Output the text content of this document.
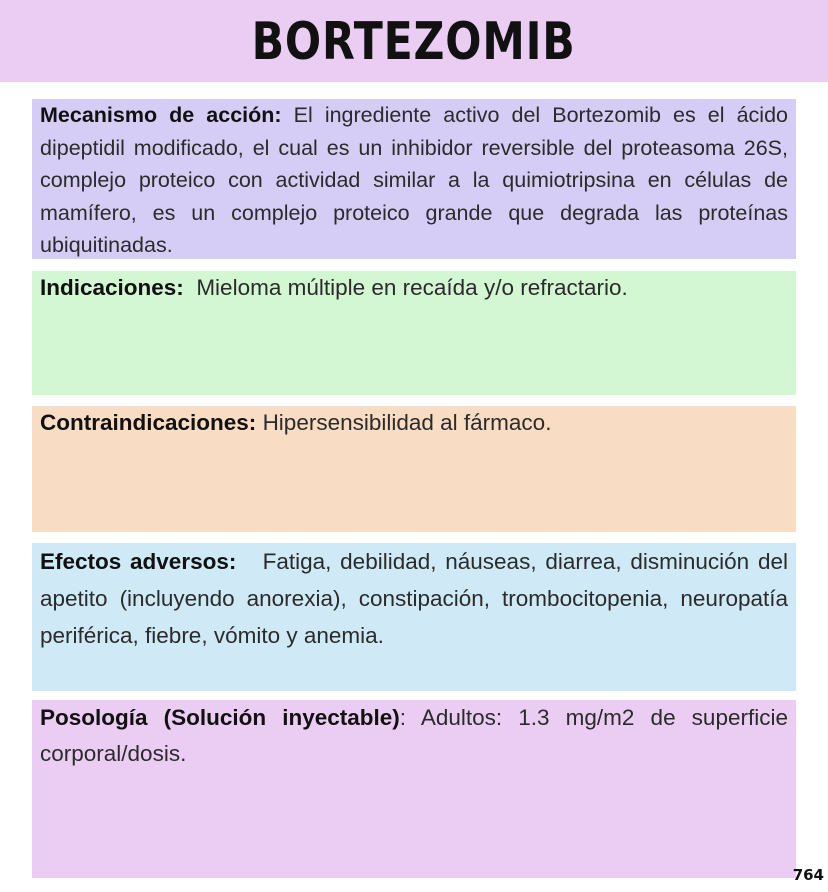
BORTEZOMIB
Mecanismo de acción: El ingrediente activo del Bortezomib es el ácido dipeptidil modificado, el cual es un inhibidor reversible del proteasoma 26S, complejo proteico con actividad similar a la quimiotripsina en células de mamífero, es un complejo proteico grande que degrada las proteínas ubiquitinadas.
Indicaciones: Mieloma múltiple en recaída y/o refractario.
Contraindicaciones: Hipersensibilidad al fármaco.
Efectos adversos: Fatiga, debilidad, náuseas, diarrea, disminución del apetito (incluyendo anorexia), constipación, trombocitopenia, neuropatía periférica, fiebre, vómito y anemia.
Posología (Solución inyectable): Adultos: 1.3 mg/m2 de superficie corporal/dosis.
764
